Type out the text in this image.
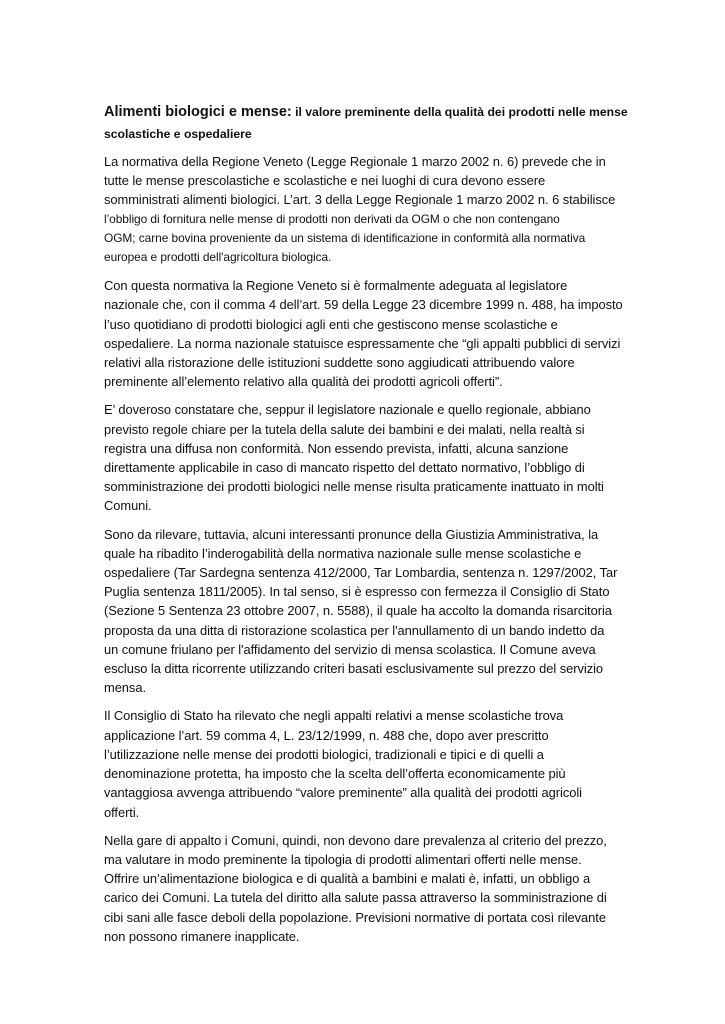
Alimenti biologici e mense: il valore preminente della qualità dei prodotti nelle mense scolastiche e ospedaliere

La normativa della Regione Veneto (Legge Regionale 1 marzo 2002 n. 6) prevede che in
tutte le mense prescolastiche e scolastiche e nei luoghi di cura devono essere
somministrati alimenti biologici. L’art. 3 della Legge Regionale 1 marzo 2002 n. 6 stabilisce
l’obbligo di fornitura nelle mense di prodotti non derivati da OGM o che non contengano
OGM; carne bovina proveniente da un sistema di identificazione in conformità alla normativa
europea e prodotti dell'agricoltura biologica.

Con questa normativa la Regione Veneto si è formalmente adeguata al legislatore
nazionale che, con il comma 4 dell’art. 59 della Legge 23 dicembre 1999 n. 488, ha imposto
l’uso quotidiano di prodotti biologici agli enti che gestiscono mense scolastiche e
ospedaliere. La norma nazionale statuisce espressamente che “gli appalti pubblici di servizi
relativi alla ristorazione delle istituzioni suddette sono aggiudicati attribuendo valore
preminente all’elemento relativo alla qualità dei prodotti agricoli offerti”.

E’ doveroso constatare che, seppur il legislatore nazionale e quello regionale, abbiano
previsto regole chiare per la tutela della salute dei bambini e dei malati, nella realtà si
registra una diffusa non conformità. Non essendo prevista, infatti, alcuna sanzione
direttamente applicabile in caso di mancato rispetto del dettato normativo, l’obbligo di
somministrazione dei prodotti biologici nelle mense risulta praticamente inattuato in molti
Comuni.

Sono da rilevare, tuttavia, alcuni interessanti pronunce della Giustizia Amministrativa, la
quale ha ribadito l’inderogabilità della normativa nazionale sulle mense scolastiche e
ospedaliere (Tar Sardegna sentenza 412/2000, Tar Lombardia, sentenza n. 1297/2002, Tar
Puglia sentenza 1811/2005). In tal senso, si è espresso con fermezza il Consiglio di Stato
(Sezione 5 Sentenza 23 ottobre 2007, n. 5588), il quale ha accolto la domanda risarcitoria
proposta da una ditta di ristorazione scolastica per l'annullamento di un bando indetto da
un comune friulano per l'affidamento del servizio di mensa scolastica. Il Comune aveva
escluso la ditta ricorrente utilizzando criteri basati esclusivamente sul prezzo del servizio
mensa.

Il Consiglio di Stato ha rilevato che negli appalti relativi a mense scolastiche trova
applicazione l’art. 59 comma 4, L. 23/12/1999, n. 488 che, dopo aver prescritto
l’utilizzazione nelle mense dei prodotti biologici, tradizionali e tipici e di quelli a
denominazione protetta, ha imposto che la scelta dell’offerta economicamente più
vantaggiosa avvenga attribuendo “valore preminente” alla qualità dei prodotti agricoli
offerti.

Nella gare di appalto i Comuni, quindi, non devono dare prevalenza al criterio del prezzo,
ma valutare in modo preminente la tipologia di prodotti alimentari offerti nelle mense.
Offrire un’alimentazione biologica e di qualità a bambini e malati è, infatti, un obbligo a
carico dei Comuni. La tutela del diritto alla salute passa attraverso la somministrazione di
cibi sani alle fasce deboli della popolazione. Previsioni normative di portata così rilevante
non possono rimanere inapplicate.
